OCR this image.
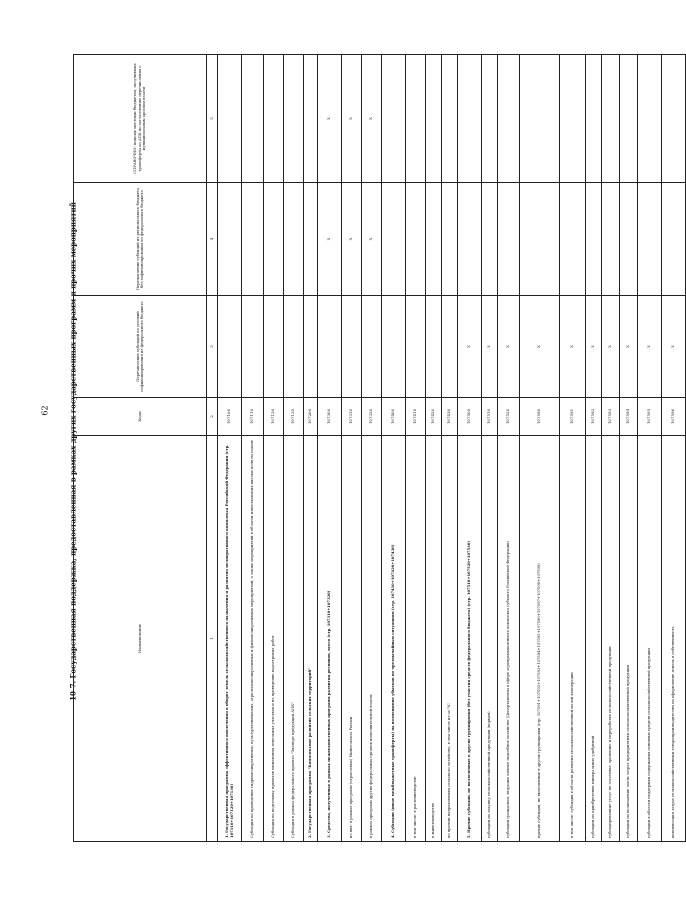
62	10-7. Государственная поддержка, предоставленная в рамках других государственных программ и прочих мероприятий	Наименование	Коды	Перечисление субсидий из условий софинансирования из федерального бюджета	Перечисление субсидий из регионального бюджета без софинансирования из федерального бюджета	СПРАВОЧНО: помощь местным бюджетам, получивших трансферты из АПК по согласованию перечисления с муниципальным органом власти
1	2	3	4	5
1. Государственная программа эффективного вовлечения в оборот земель сельскохозяйственного назначения и развития мелиоративного комплекса Российской Федерации (стр. 107110+107120+107130)	107100			
Субсидии на проведение гидромелиоративных, культуртехнических, агролесомелиоративных и фитомелиоративных мероприятий, а также мероприятий в области известкования кислых почв на пашне	107110			
Субсидии на подготовку проектов межевания земельных участков и на проведение кадастровых работ	107120			
Субсидии в рамках федерального проекта "Экспорт продукции АПК"	107130			
2. Государственная программа "Комплексное развитие сельских территорий"	107200			
3. Средства, полученные в рамках межведомственных программ развития регионов, всего (стр. 107310+107320)	107300		X	X
из них: в рамках программ (отраслевых) Минсельхоза России	107310		X	X
в рамках программ других федеральных органов исполнительной власти	107320		X	X
4. Субсидии (иные межбюджетные трансферты) на возмещение убытков по чрезвычайным ситуациям (стр. 107410+107420+107430)	107400			
в том числе: в растениеводстве	107410			
в животноводстве	107420			
по прочим направлениям сельского хозяйства, в том числе из-за ЧС	107430			
5. Прочие субсидии, не включенные в другие группировки (без участия средств федерального бюджета) (стр. 107510+107520+107530)	107500	X		
субсидии на закупку сельскохозяйственной продукции (кормов)	107510	X		
субсидии гражданам, ведущим личное подсобное хозяйство (Департаменты в сфере агропромышленного комплекса субъекта Российской Федерации)	107520	X		
прочие субсидии, не включенные в другие группировки (стр. 107591+107592+107593+107594+107595+107596+107597+107598+107599)	107590	X		
в том числе: субсидии в области развития сельскохозяйственной малой кооперации	107591	X		
субсидии на приобретение минеральных удобрений	107592	X		
субсидированные услуг по заготовке, хранению и переработке сельскохозяйственной продукции	107593	X		
субсидии на возмещение части затрат предприятиям сельскохозяйственной продукции	107594	X		
субсидии в области поддержки содержания основных средств сельскохозяйственной продукции	107595	X		
компенсация затрат сельскохозяйственным товаропроизводителям на оформление земель в собственность	107596	X		
